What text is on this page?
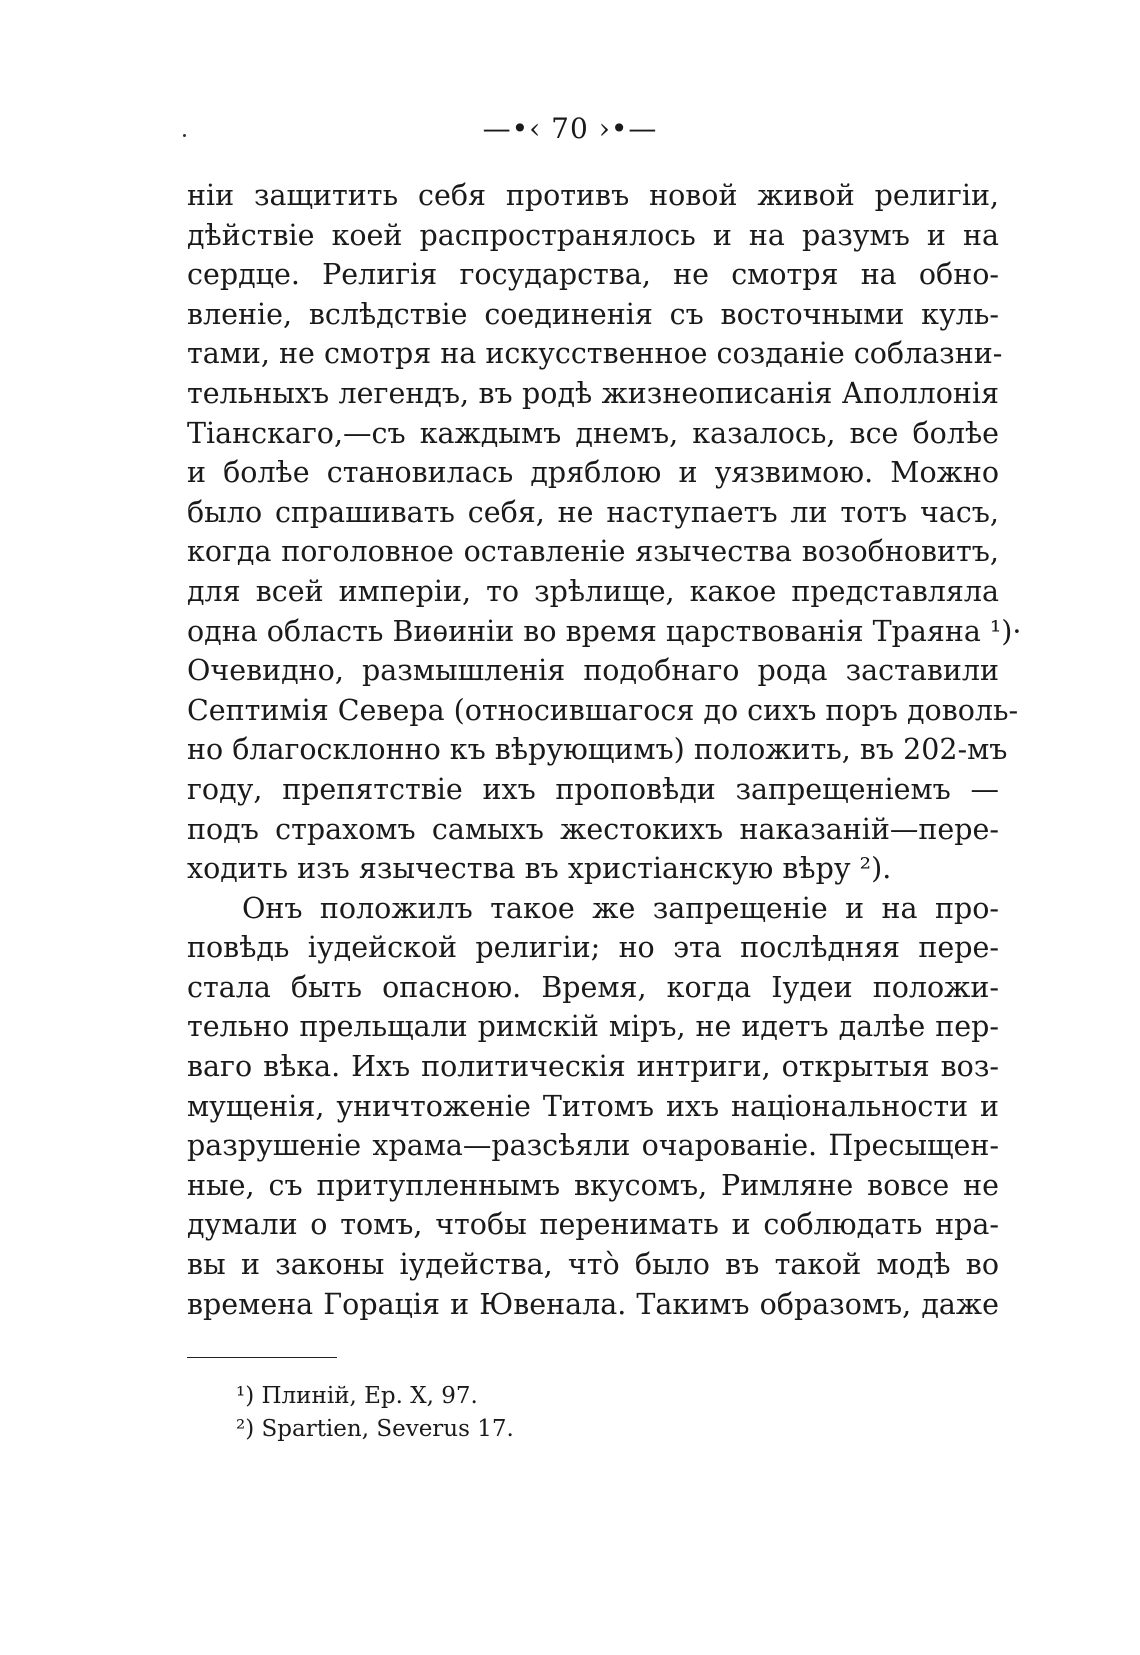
—•‹ 70 ›•—
нiи защитить себя противъ новой живой религiи,
дѣйствiе коей распространялось и на разумъ и на
сердце. Религiя государства, не смотря на обно-
вленiе, вслѣдствiе соединенiя съ восточными куль-
тами, не смотря на искусственное созданiе соблазни-
тельныхъ легендъ, въ родѣ жизнеописанiя Аполлонiя
Тiанскаго,—съ каждымъ днемъ, казалось, все болѣе
и болѣе становилась дряблою и уязвимою. Можно
было спрашивать себя, не наступаетъ ли тотъ часъ,
когда поголовное оставленiе язычества возобновитъ,
для всей имперiи, то зрѣлище, какое представляла
одна область Виѳинiи во время царствованiя Траяна ¹)·
Очевидно, размышленiя подобнаго рода заставили
Септимiя Севера (относившагося до сихъ поръ доволь-
но благосклонно къ вѣрующимъ) положить, въ 202-мъ
году, препятствiе ихъ проповѣди запрещенiемъ —
подъ страхомъ самыхъ жестокихъ наказанiй—пере-
ходить изъ язычества въ христiанскую вѣру ²).
Онъ положилъ такое же запрещенiе и на про-
повѣдь iудейской религiи; но эта послѣдняя пере-
стала быть опасною. Время, когда Iудеи положи-
тельно прельщали римскiй мiръ, не идетъ далѣе пер-
ваго вѣка. Ихъ политическiя интриги, открытыя воз-
мущенiя, уничтоженiе Титомъ ихъ нацiональности и
разрушенiе храма—разсѣяли очарованiе. Пресыщен-
ные, съ притупленнымъ вкусомъ, Римляне вовсе не
думали о томъ, чтобы перенимать и соблюдать нра-
вы и законы iудейства, чтò было въ такой модѣ во
времена Горацiя и Ювенала. Такимъ образомъ, даже
¹) Плинiй, Ep. X, 97.
²) Spartien, Severus 17.
